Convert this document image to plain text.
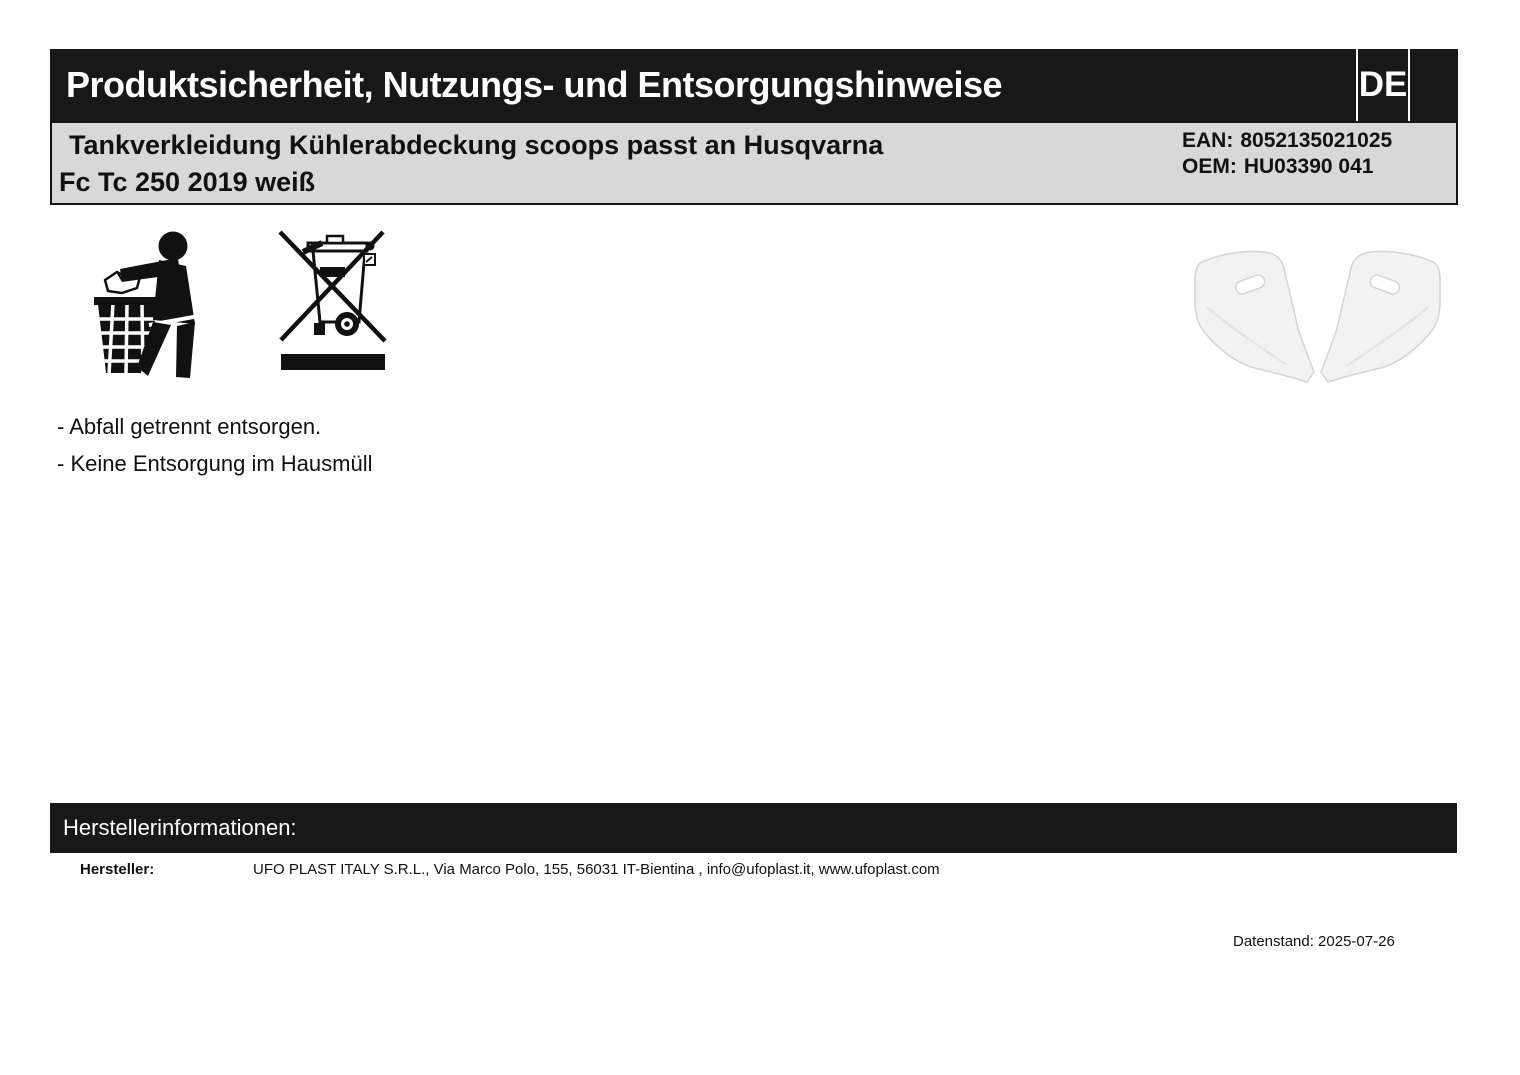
Produktsicherheit, Nutzungs- und Entsorgungshinweise	DE
Tankverkleidung Kühlerabdeckung scoops passt an Husqvarna
Fc Tc 250 2019 weiß
EAN: 8052135021025
OEM: HU03390 041
- Abfall getrennt entsorgen.
- Keine Entsorgung im Hausmüll
Herstellerinformationen:
Hersteller:	UFO PLAST ITALY S.R.L., Via Marco Polo, 155, 56031 IT-Bientina , info@ufoplast.it, www.ufoplast.com
Datenstand: 2025-07-26
